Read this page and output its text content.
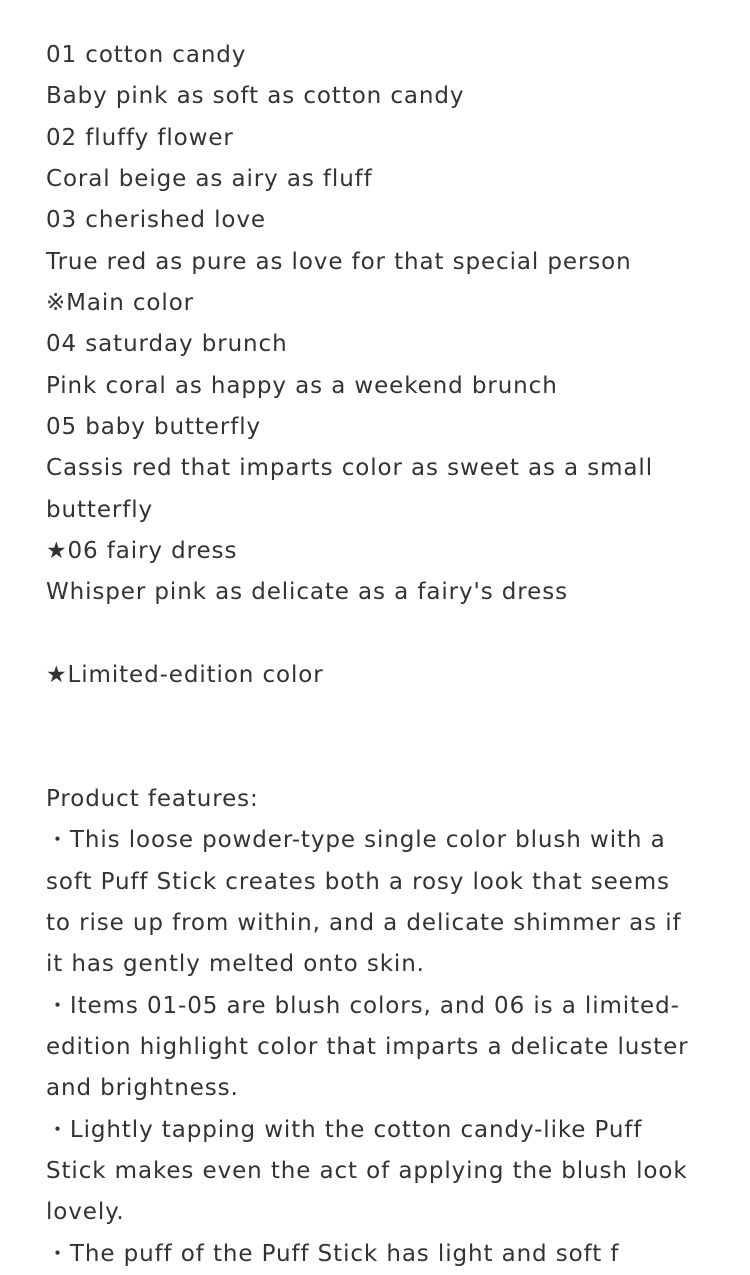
01 cotton candy

Baby pink as soft as cotton candy

02 fluffy flower

Coral beige as airy as fluff

03 cherished love

True red as pure as love for that special person

※Main color

04 saturday brunch

Pink coral as happy as a weekend brunch

05 baby butterfly

Cassis red that imparts color as sweet as a small butterfly

★06 fairy dress

Whisper pink as delicate as a fairy's dress

★Limited-edition color

Product features:

・This loose powder-type single color blush with a soft Puff Stick creates both a rosy look that seems to rise up from within, and a delicate shimmer as if it has gently melted onto skin.

・Items 01-05 are blush colors, and 06 is a limited-edition highlight color that imparts a delicate luster and brightness.

・Lightly tapping with the cotton candy-like Puff Stick makes even the act of applying the blush look lovely.

・The puff of the Puff Stick has light and soft f
